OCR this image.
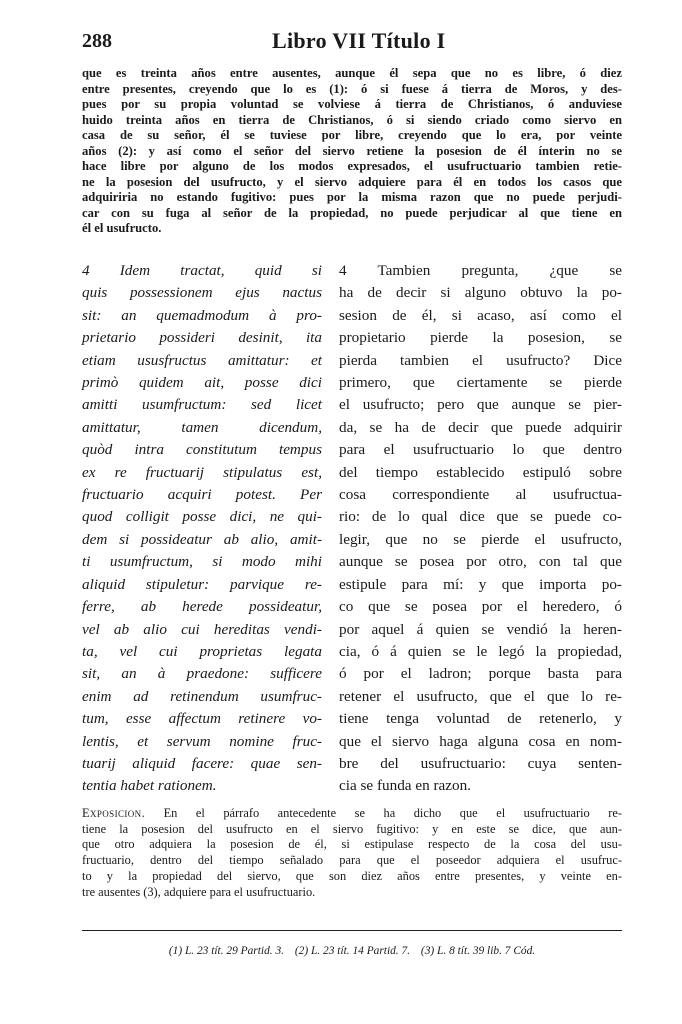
288	Libro VII Título I
que es treinta años entre ausentes, aunque él sepa que no es libre, ó diez
entre presentes, creyendo que lo es (1): ó si fuese á tierra de Moros, y des-
pues por su propia voluntad se volviese á tierra de Christianos, ó anduviese
huido treinta años en tierra de Christianos, ó si siendo criado como siervo en
casa de su señor, él se tuviese por libre, creyendo que lo era, por veinte
años (2): y así como el señor del siervo retiene la posesion de él ínterin no se
hace libre por alguno de los modos expresados, el usufructuario tambien retie-
ne la posesion del usufructo, y el siervo adquiere para él en todos los casos que
adquiriria no estando fugitivo: pues por la misma razon que no puede perjudi-
car con su fuga al señor de la propiedad, no puede perjudicar al que tiene en
él el usufructo.
4 Idem tractat, quid si
quis possessionem ejus nactus
sit: an quemadmodum à pro-
prietario possideri desinit, ita
etiam ususfructus amittatur: et
primò quidem ait, posse dici
amitti usumfructum: sed licet
amittatur, tamen dicendum,
quòd intra constitutum tempus
ex re fructuarij stipulatus est,
fructuario acquiri potest. Per
quod colligit posse dici, ne qui-
dem si possideatur ab alio, amit-
ti usumfructum, si modo mihi
aliquid stipuletur: parvique re-
ferre, ab herede possideatur,
vel ab alio cui hereditas vendi-
ta, vel cui proprietas legata
sit, an à praedone: sufficere
enim ad retinendum usumfruc-
tum, esse affectum retinere vo-
lentis, et servum nomine fruc-
tuarij aliquid facere: quae sen-
tentia habet rationem.
4 Tambien pregunta, ¿que se
ha de decir si alguno obtuvo la po-
sesion de él, si acaso, así como el
propietario pierde la posesion, se
pierda tambien el usufructo? Dice
primero, que ciertamente se pierde
el usufructo; pero que aunque se pier-
da, se ha de decir que puede adquirir
para el usufructuario lo que dentro
del tiempo establecido estipuló sobre
cosa correspondiente al usufructua-
rio: de lo qual dice que se puede co-
legir, que no se pierde el usufructo,
aunque se posea por otro, con tal que
estipule para mí: y que importa po-
co que se posea por el heredero, ó
por aquel á quien se vendió la heren-
cia, ó á quien se le legó la propiedad,
ó por el ladron; porque basta para
retener el usufructo, que el que lo re-
tiene tenga voluntad de retenerlo, y
que el siervo haga alguna cosa en nom-
bre del usufructuario: cuya senten-
cia se funda en razon.
Exposicion. En el párrafo antecedente se ha dicho que el usufructuario re-
tiene la posesion del usufructo en el siervo fugitivo: y en este se dice, que aun-
que otro adquiera la posesion de él, si estipulase respecto de la cosa del usu-
fructuario, dentro del tiempo señalado para que el poseedor adquiera el usufruc-
to y la propiedad del siervo, que son diez años entre presentes, y veinte en-
tre ausentes (3), adquiere para el usufructuario.
(1) L. 23 tít. 29 Partid. 3. (2) L. 23 tít. 14 Partid. 7. (3) L. 8 tít. 39 lib. 7 Cód.
